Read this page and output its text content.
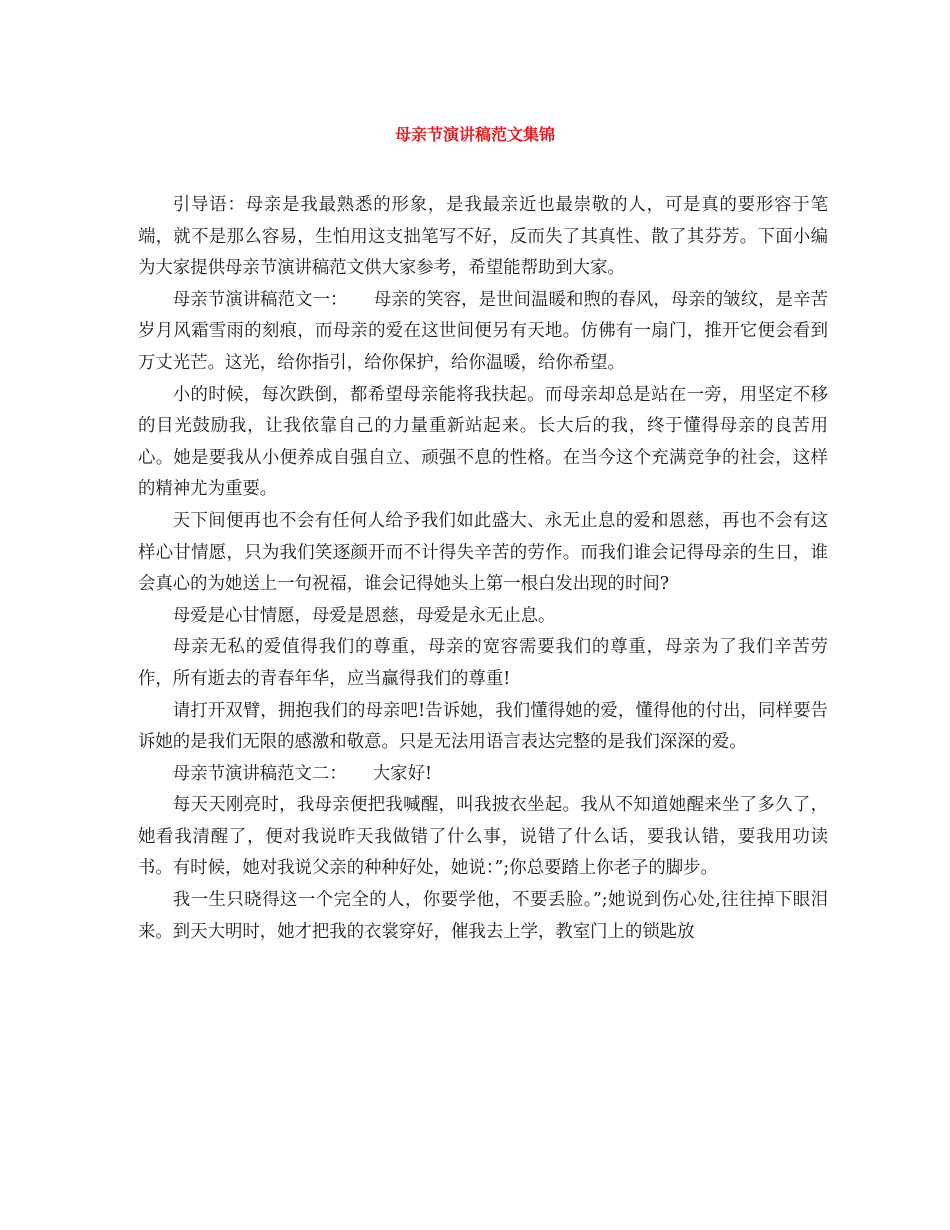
母亲节演讲稿范文集锦

引导语：母亲是我最熟悉的形象，是我最亲近也最崇敬的人，可是真的要形容于笔端，就不是那么容易，生怕用这支拙笔写不好，反而失了其真性、散了其芬芳。下面小编为大家提供母亲节演讲稿范文供大家参考，希望能帮助到大家。

母亲节演讲稿范文一：　　母亲的笑容，是世间温暖和煦的春风，母亲的皱纹，是辛苦岁月风霜雪雨的刻痕，而母亲的爱在这世间便另有天地。仿佛有一扇门，推开它便会看到万丈光芒。这光，给你指引，给你保护，给你温暖，给你希望。

小的时候，每次跌倒，都希望母亲能将我扶起。而母亲却总是站在一旁，用坚定不移的目光鼓励我，让我依靠自己的力量重新站起来。长大后的我，终于懂得母亲的良苦用心。她是要我从小便养成自强自立、顽强不息的性格。在当今这个充满竞争的社会，这样的精神尤为重要。

天下间便再也不会有任何人给予我们如此盛大、永无止息的爱和恩慈，再也不会有这样心甘情愿，只为我们笑逐颜开而不计得失辛苦的劳作。而我们谁会记得母亲的生日，谁会真心的为她送上一句祝福，谁会记得她头上第一根白发出现的时间?

母爱是心甘情愿，母爱是恩慈，母爱是永无止息。

母亲无私的爱值得我们的尊重，母亲的宽容需要我们的尊重，母亲为了我们辛苦劳作，所有逝去的青春年华，应当赢得我们的尊重!

请打开双臂，拥抱我们的母亲吧!告诉她，我们懂得她的爱，懂得他的付出，同样要告诉她的是我们无限的感激和敬意。只是无法用语言表达完整的是我们深深的爱。

母亲节演讲稿范文二：　　大家好!

每天天刚亮时，我母亲便把我喊醒，叫我披衣坐起。我从不知道她醒来坐了多久了，她看我清醒了，便对我说昨天我做错了什么事，说错了什么话，要我认错，要我用功读书。有时候，她对我说父亲的种种好处，她说：”;你总要踏上你老子的脚步。

我一生只晓得这一个完全的人，你要学他，不要丢脸。”;她说到伤心处,往往掉下眼泪来。到天大明时，她才把我的衣裳穿好，催我去上学，教室门上的锁匙放
